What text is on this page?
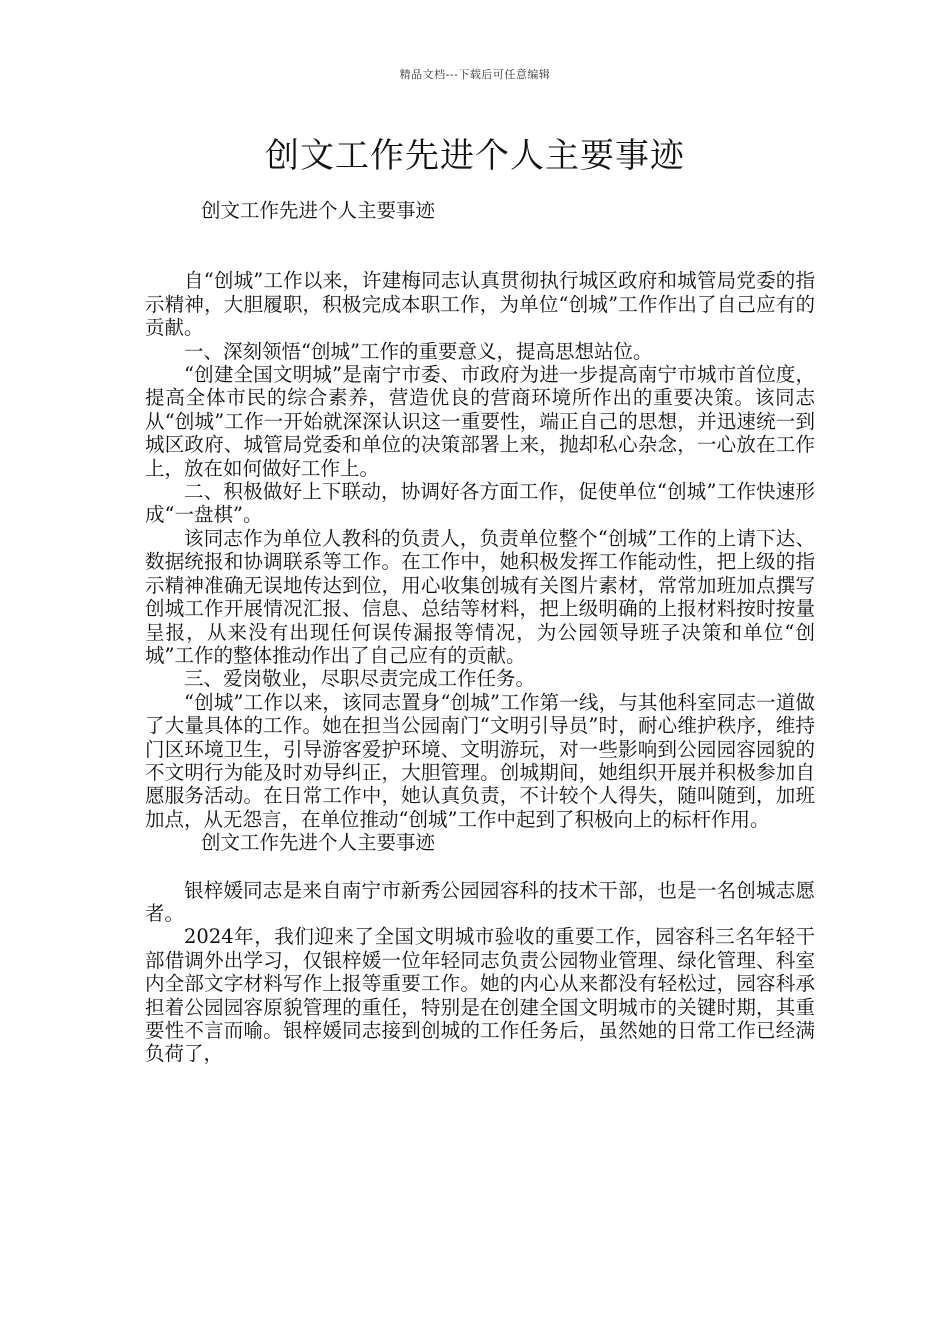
精品文档---下载后可任意编辑
创文工作先进个人主要事迹

创文工作先进个人主要事迹

自“创城”工作以来，许建梅同志认真贯彻执行城区政府和城管局党委的指示精神，大胆履职，积极完成本职工作，为单位“创城”工作作出了自己应有的贡献。

一、深刻领悟“创城”工作的重要意义，提高思想站位。

“创建全国文明城”是南宁市委、市政府为进一步提高南宁市城市首位度，提高全体市民的综合素养，营造优良的营商环境所作出的重要决策。该同志从“创城”工作一开始就深深认识这一重要性，端正自己的思想，并迅速统一到城区政府、城管局党委和单位的决策部署上来，抛却私心杂念，一心放在工作上，放在如何做好工作上。

二、积极做好上下联动，协调好各方面工作，促使单位“创城”工作快速形成“一盘棋”。

该同志作为单位人教科的负责人，负责单位整个“创城”工作的上请下达、数据统报和协调联系等工作。在工作中，她积极发挥工作能动性，把上级的指示精神准确无误地传达到位，用心收集创城有关图片素材，常常加班加点撰写创城工作开展情况汇报、信息、总结等材料，把上级明确的上报材料按时按量呈报，从来没有出现任何误传漏报等情况，为公园领导班子决策和单位“创城”工作的整体推动作出了自己应有的贡献。

三、爱岗敬业，尽职尽责完成工作任务。

“创城”工作以来，该同志置身“创城”工作第一线，与其他科室同志一道做了大量具体的工作。她在担当公园南门“文明引导员”时，耐心维护秩序，维持门区环境卫生，引导游客爱护环境、文明游玩，对一些影响到公园园容园貌的不文明行为能及时劝导纠正，大胆管理。创城期间，她组织开展并积极参加自愿服务活动。在日常工作中，她认真负责，不计较个人得失，随叫随到，加班加点，从无怨言，在单位推动“创城”工作中起到了积极向上的标杆作用。

创文工作先进个人主要事迹

银梓媛同志是来自南宁市新秀公园园容科的技术干部，也是一名创城志愿者。

2024年，我们迎来了全国文明城市验收的重要工作，园容科三名年轻干部借调外出学习，仅银梓媛一位年轻同志负责公园物业管理、绿化管理、科室内全部文字材料写作上报等重要工作。她的内心从来都没有轻松过，园容科承担着公园园容原貌管理的重任，特别是在创建全国文明城市的关键时期，其重要性不言而喻。银梓媛同志接到创城的工作任务后，虽然她的日常工作已经满负荷了，
